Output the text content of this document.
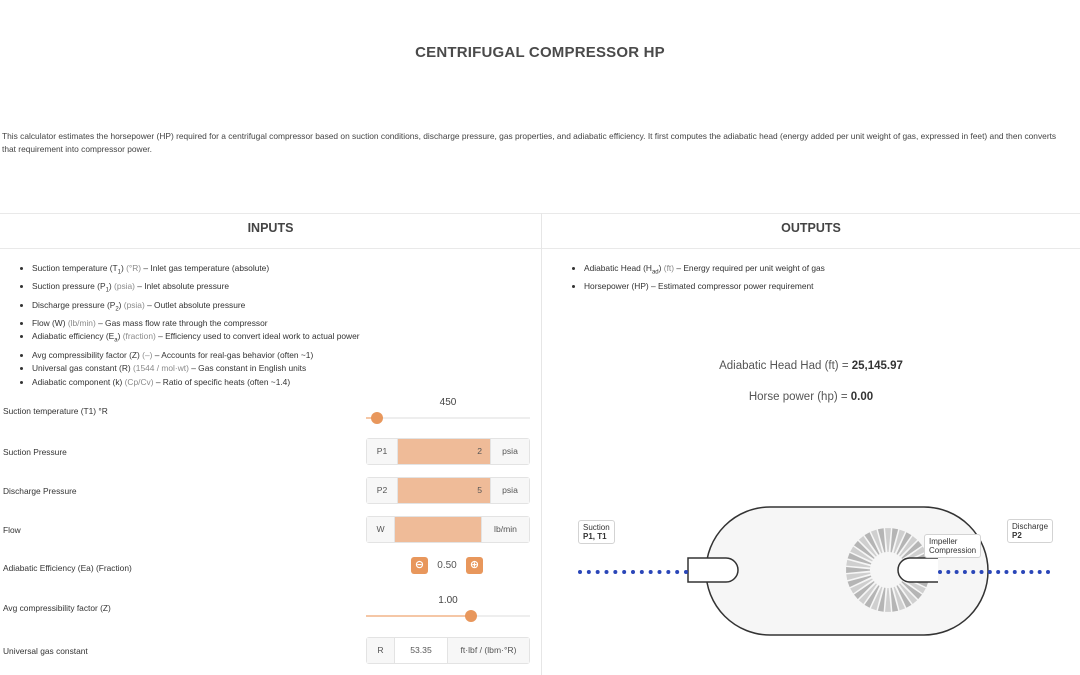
CENTRIFUGAL COMPRESSOR HP
This calculator estimates the horsepower (HP) required for a centrifugal compressor based on suction conditions, discharge pressure, gas properties, and adiabatic efficiency. It first computes the adiabatic head (energy added per unit weight of gas, expressed in feet) and then converts that requirement into compressor power.
INPUTS
• Suction temperature $(T_1)$ (°R) – Inlet gas temperature (absolute)
• Suction pressure $(P_1)$ (psia) – Inlet absolute pressure
• Discharge pressure $(P_2)$ (psia) – Outlet absolute pressure
• Flow (W) (lb/min) – Gas mass flow rate through the compressor
• Adiabatic efficiency $(E_a)$ (fraction) – Efficiency used to convert ideal work to actual power
• Avg compressibility factor (Z) (–) – Accounts for real-gas behavior (often ~1)
• Universal gas constant (R) (1544 / mol·wt) – Gas constant in English units
• Adiabatic component (k) (Cp/Cv) – Ratio of specific heats (often ~1.4)
Suction temperature (T1) °R
450
Suction Pressure	P1	2	psia
Discharge Pressure	P2	5	psia
Flow	W	lb/min
Adiabatic Efficiency (Ea) (Fraction)	⊖	0.50	⊕
Avg compressibility factor (Z)
1.00
Universal gas constant	R	53.35	ft·lbf / (lbm·°R)
OUTPUTS
• Adiabatic Head $(H_{ad})$ (ft) – Energy required per unit weight of gas
• Horsepower (HP) – Estimated compressor power requirement
Adiabatic Head Had (ft) = 25,145.97
Horse power (hp) = 0.00
Suction
P1, T1
Discharge
P2
Impeller
Compression
